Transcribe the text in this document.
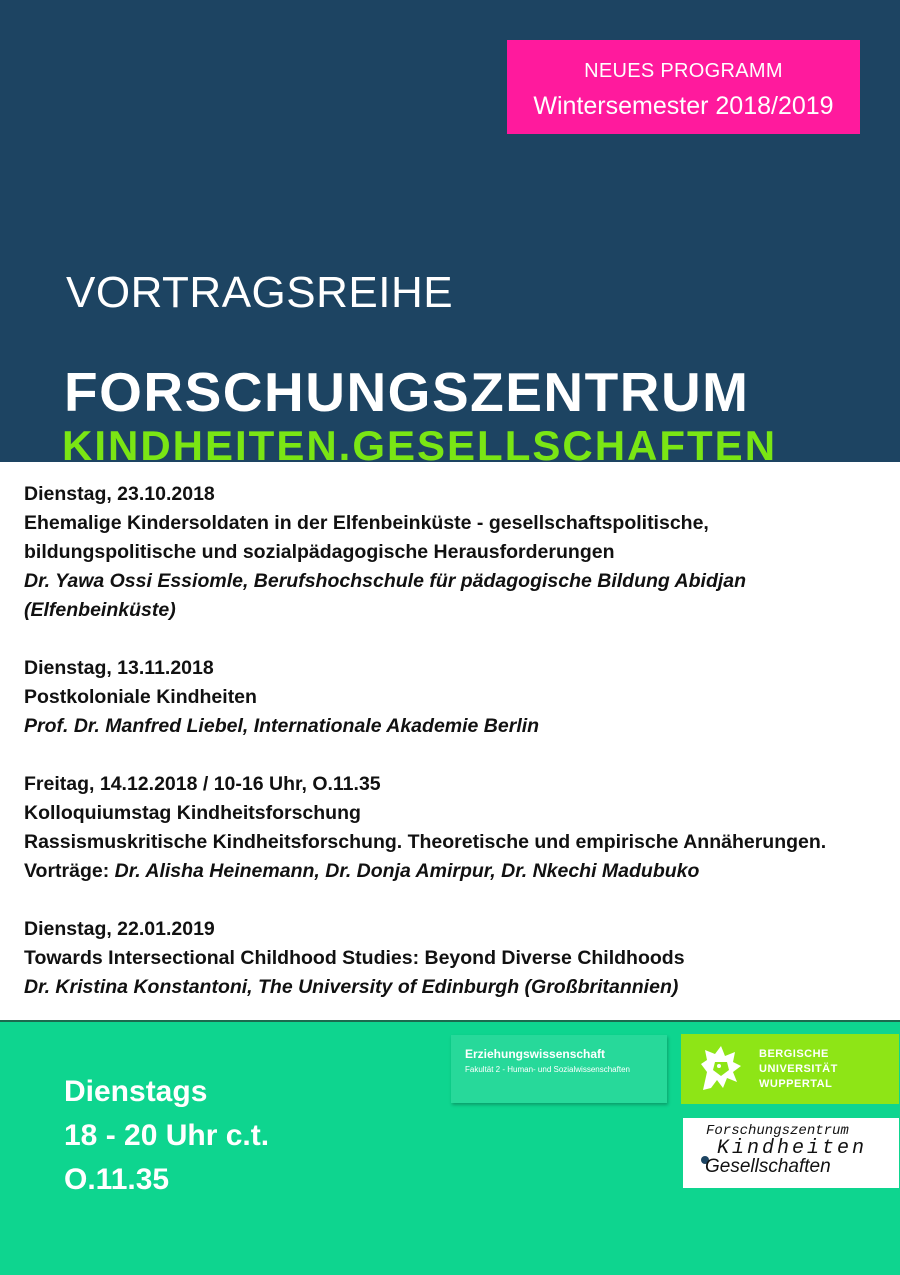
NEUES PROGRAMM
Wintersemester 2018/2019
VORTRAGSREIHE
FORSCHUNGSZENTRUM
KINDHEITEN.GESELLSCHAFTEN
Dienstag, 23.10.2018
Ehemalige Kindersoldaten in der Elfenbeinküste - gesellschaftspolitische,
bildungspolitische und sozialpädagogische Herausforderungen
Dr. Yawa Ossi Essiomle, Berufshochschule für pädagogische Bildung Abidjan
(Elfenbeinküste)
Dienstag, 13.11.2018
Postkoloniale Kindheiten
Prof. Dr. Manfred Liebel, Internationale Akademie Berlin
Freitag, 14.12.2018 / 10-16 Uhr, O.11.35
Kolloquiumstag Kindheitsforschung
Rassismuskritische Kindheitsforschung. Theoretische und empirische Annäherungen.
Vorträge: Dr. Alisha Heinemann, Dr. Donja Amirpur, Dr. Nkechi Madubuko
Dienstag, 22.01.2019
Towards Intersectional Childhood Studies: Beyond Diverse Childhoods
Dr. Kristina Konstantoni, The University of Edinburgh (Großbritannien)
Dienstags
18 - 20 Uhr c.t.
O.11.35
Erziehungswissenschaft
Fakultät 2 - Human- und Sozialwissenschaften
BERGISCHE
UNIVERSITÄT
WUPPERTAL
Forschungszentrum
Kindheiten
Gesellschaften
